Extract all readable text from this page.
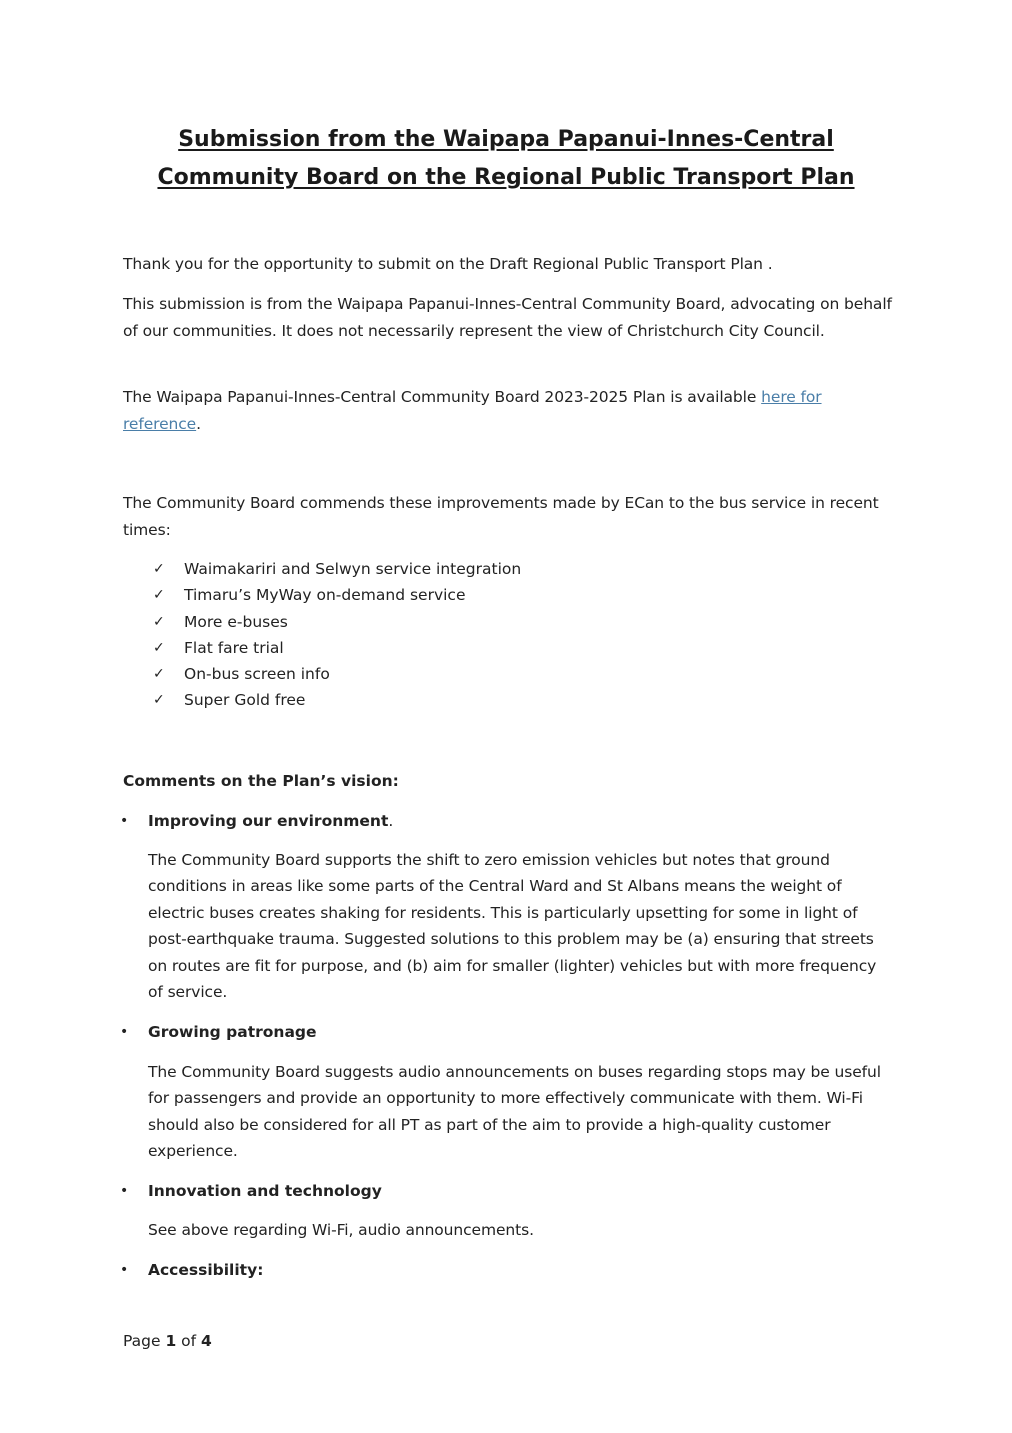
Submission from the Waipapa Papanui-Innes-Central
Community Board on the Regional Public Transport Plan

Thank you for the opportunity to submit on the Draft Regional Public Transport Plan .

This submission is from the Waipapa Papanui-Innes-Central Community Board, advocating on behalf of our communities. It does not necessarily represent the view of Christchurch City Council.

The Waipapa Papanui-Innes-Central Community Board 2023-2025 Plan is available here for reference.

The Community Board commends these improvements made by ECan to the bus service in recent times:

✓ Waimakariri and Selwyn service integration
✓ Timaru’s MyWay on-demand service
✓ More e-buses
✓ Flat fare trial
✓ On-bus screen info
✓ Super Gold free
Comments on the Plan’s vision:
• Improving our environment.

The Community Board supports the shift to zero emission vehicles but notes that ground conditions in areas like some parts of the Central Ward and St Albans means the weight of electric buses creates shaking for residents. This is particularly upsetting for some in light of post-earthquake trauma. Suggested solutions to this problem may be (a) ensuring that streets on routes are fit for purpose, and (b) aim for smaller (lighter) vehicles but with more frequency of service.

• Growing patronage

The Community Board suggests audio announcements on buses regarding stops may be useful for passengers and provide an opportunity to more effectively communicate with them. Wi-Fi should also be considered for all PT as part of the aim to provide a high-quality customer experience.

• Innovation and technology

See above regarding Wi-Fi, audio announcements.

• Accessibility:
Page 1 of 4
